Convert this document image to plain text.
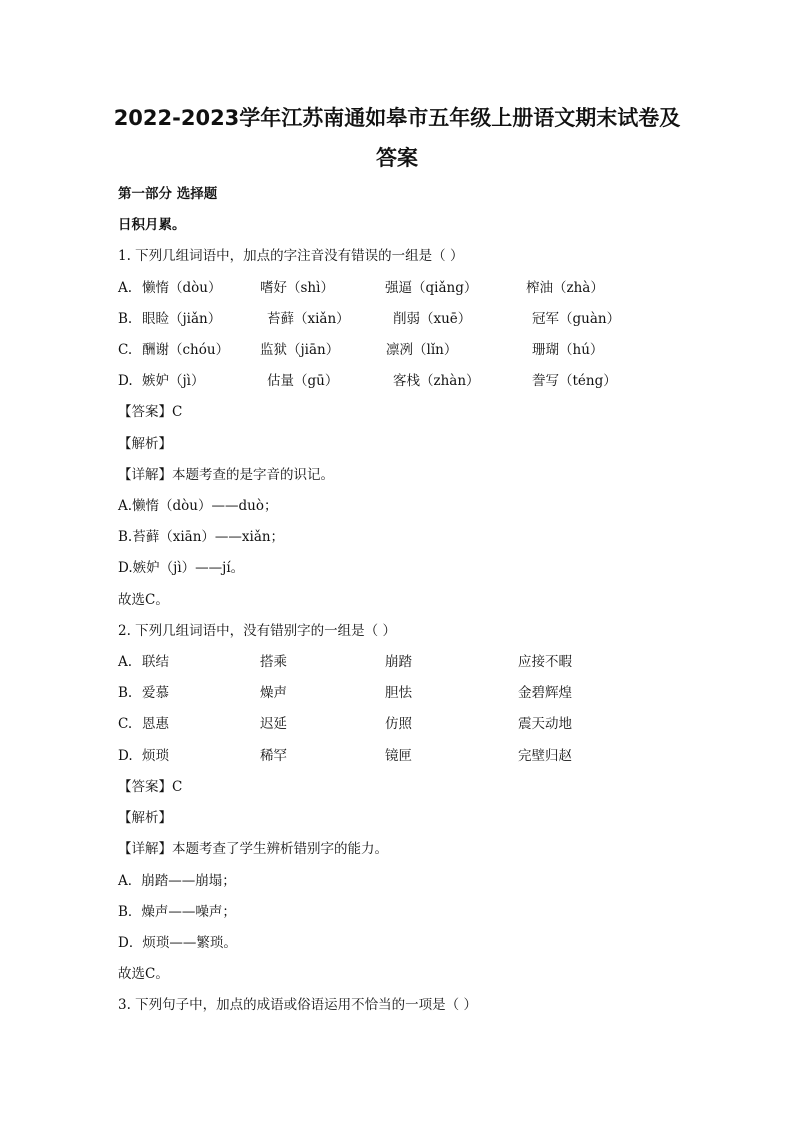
2022-2023学年江苏南通如皋市五年级上册语文期末试卷及
答案
第一部分 选择题
日积月累。
1. 下列几组词语中，加点的字注音没有错误的一组是（ ）
A. 懒惰（dòu）	嗜好（shì）	强逼（qiǎng）	榨油（zhà）
B. 眼睑（jiǎn）	苔藓（xiǎn）	削弱（xuē）	冠军（guàn）
C. 酬谢（chóu） 监狱（jiān）	凛冽（lǐn）	珊瑚（hú）
D. 嫉妒（jì）	估量（gū）	客栈（zhàn）	誊写（téng）
【答案】C
【解析】
【详解】本题考查的是字音的识记。
A.懒惰（dòu）——duò；
B.苔藓（xiān）——xiǎn；
D.嫉妒（jì）——jí。
故选C。
2. 下列几组词语中，没有错别字的一组是（ ）
A. 联结	搭乘	崩踏	应接不暇
B. 爱慕	燥声	胆怯	金碧辉煌
C. 恩惠	迟延	仿照	震天动地
D. 烦琐	稀罕	镜匣	完壁归赵
【答案】C
【解析】
【详解】本题考查了学生辨析错别字的能力。
A．崩踏——崩塌；
B．燥声——噪声；
D．烦琐——繁琐。
故选C。
3. 下列句子中，加点的成语或俗语运用不恰当的一项是（ ）
